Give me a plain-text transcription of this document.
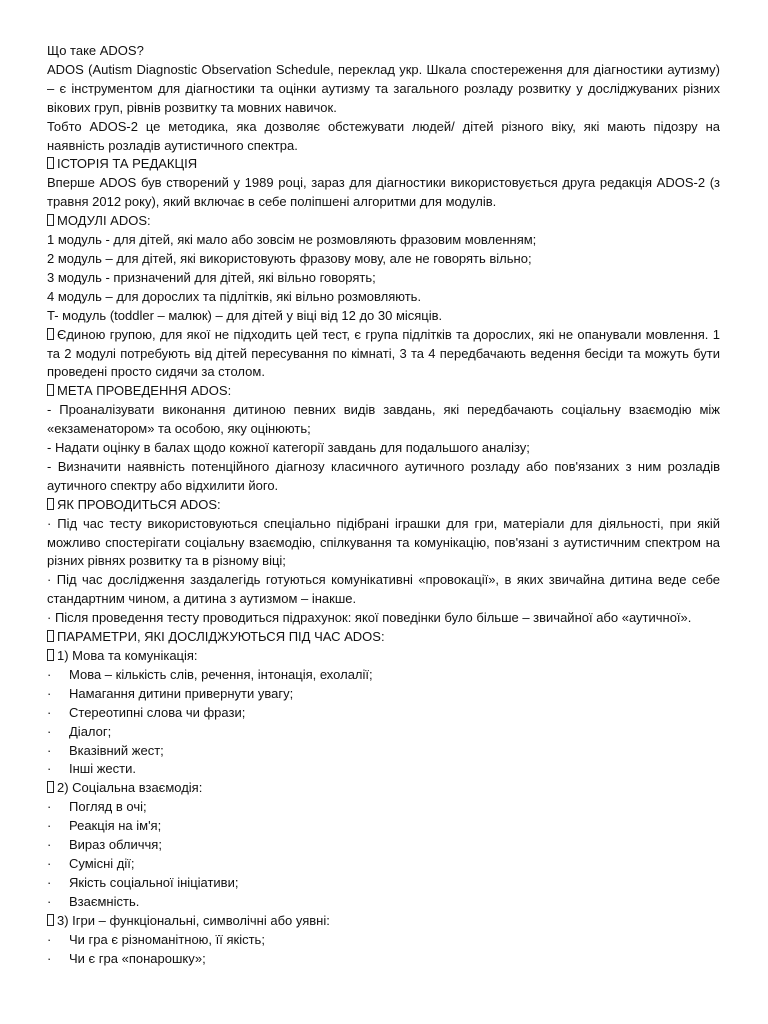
Що таке ADOS?

ADOS (Autism Diagnostic Observation Schedule, переклад укр. Шкала спостереження для діагностики аутизму) – є інструментом для діагностики та оцінки аутизму та загального розладу розвитку у досліджуваних різних вікових груп, рівнів розвитку та мовних навичок.

Тобто ADOS-2 це методика, яка дозволяє обстежувати людей/ дітей різного віку, які мають підозру на наявність розладів аутистичного спектра.

ІСТОРІЯ ТА РЕДАКЦІЯ

Вперше ADOS був створений у 1989 році, зараз для діагностики використовується друга редакція ADOS-2 (з травня 2012 року), який включає в себе поліпшені алгоритми для модулів.

МОДУЛІ ADOS:

1 модуль - для дітей, які мало або зовсім не розмовляють фразовим мовленням;

2 модуль – для дітей, які використовують фразову мову, але не говорять вільно;

3 модуль - призначений для дітей, які вільно говорять;

4 модуль – для дорослих та підлітків, які вільно розмовляють.

T- модуль (toddler – малюк) – для дітей у віці від 12 до 30 місяців.

Єдиною групою, для якої не підходить цей тест, є група підлітків та дорослих, які не опанували мовлення. 1 та 2 модулі потребують від дітей пересування по кімнаті, 3 та 4 передбачають ведення бесіди та можуть бути проведені просто сидячи за столом.

МЕТА ПРОВЕДЕННЯ ADOS:

- Проаналізувати виконання дитиною певних видів завдань, які передбачають соціальну взаємодію між «екзаменатором» та особою, яку оцінюють;

- Надати оцінку в балах щодо кожної категорії завдань для подальшого аналізу;

- Визначити наявність потенційного діагнозу класичного аутичного розладу або пов'язаних з ним розладів аутичного спектру або відхилити його.

ЯК ПРОВОДИТЬСЯ ADOS:

· Під час тесту використовуються спеціально підібрані іграшки для гри, матеріали для діяльності, при якій можливо спостерігати соціальну взаємодію, спілкування та комунікацію, пов'язані з аутистичним спектром на різних рівнях розвитку та в різному віці;

· Під час дослідження заздалегідь готуються комунікативні «провокації», в яких звичайна дитина веде себе стандартним чином, а дитина з аутизмом – інакше.

· Після проведення тесту проводиться підрахунок: якої поведінки було більше – звичайної або «аутичної».

ПАРАМЕТРИ, ЯКІ ДОСЛІДЖУЮТЬСЯ ПІД ЧАС ADOS:

1) Мова та комунікація:

·	Мова – кількість слів, речення, інтонація, ехолалії;
·	Намагання дитини привернути увагу;
·	Стереотипні слова чи фрази;
·	Діалог;
·	Вказівний жест;
·	Інші жести.

2) Соціальна взаємодія:

·	Погляд в очі;
·	Реакція на ім'я;
·	Вираз обличчя;
·	Сумісні дії;
·	Якість соціальної ініціативи;
·	Взаємність.

3) Ігри – функціональні, символічні або уявні:

·	Чи гра є різноманітною, її якість;
·	Чи є гра «понарошку»;
